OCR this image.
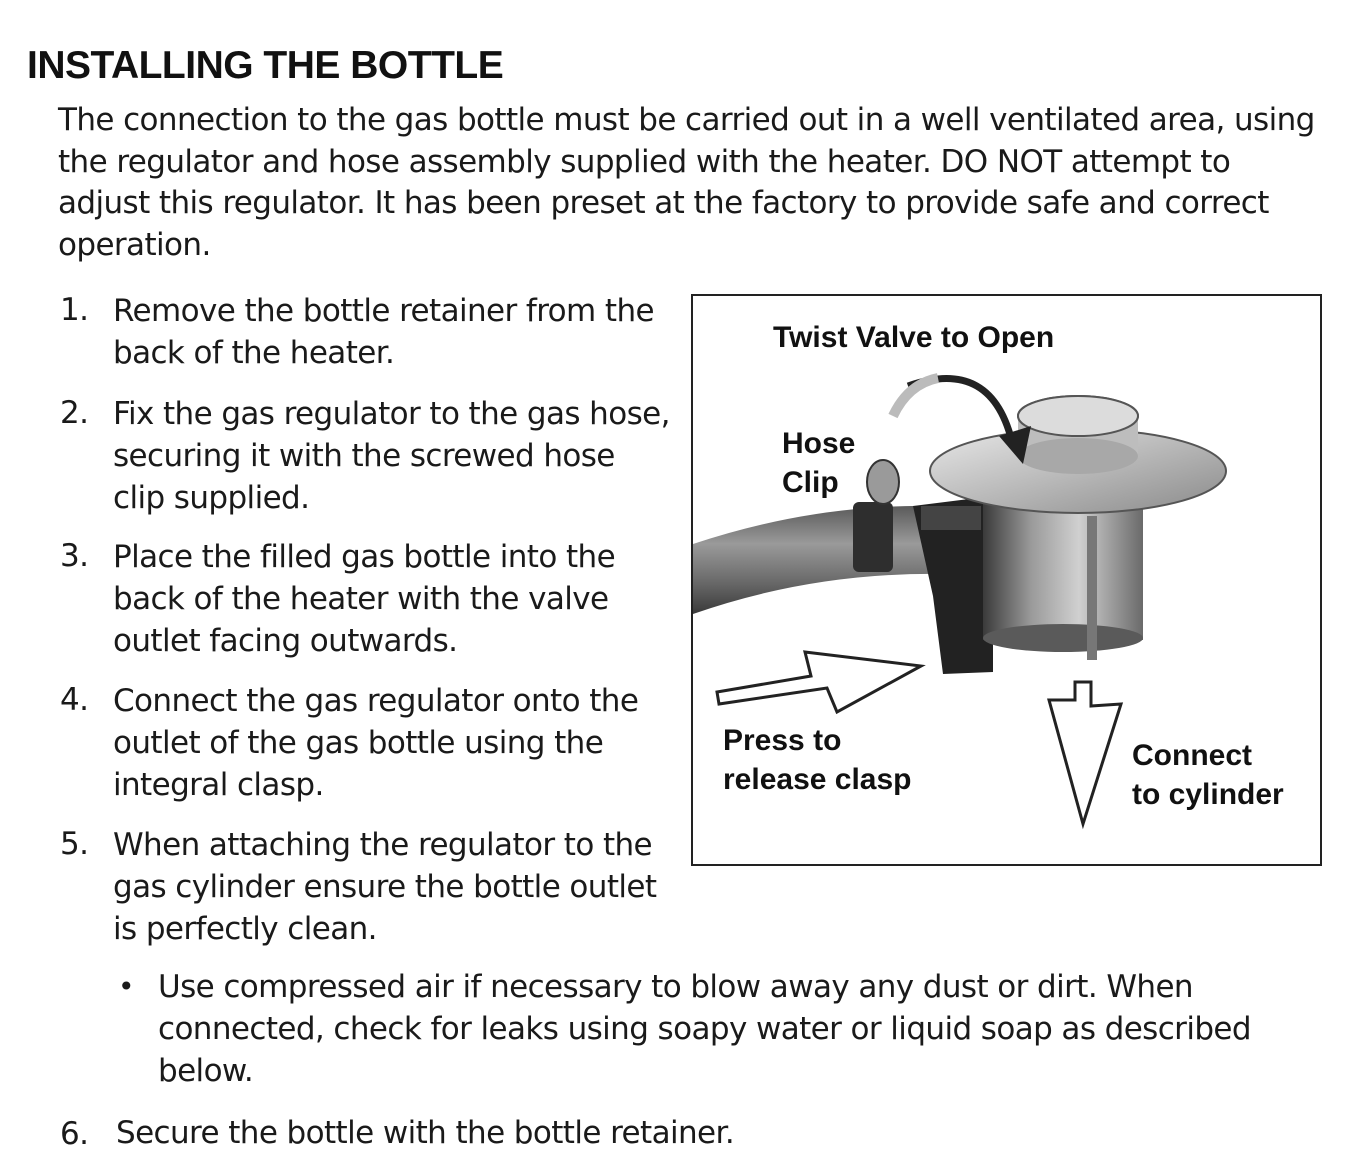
INSTALLING THE BOTTLE
The connection to the gas bottle must be carried out in a well ventilated area, using the regulator and hose assembly supplied with the heater. DO NOT attempt to adjust this regulator. It has been preset at the factory to provide safe and correct operation.
1. Remove the bottle retainer from the back of the heater.
2. Fix the gas regulator to the gas hose, securing it with the screwed hose clip supplied.
3. Place the filled gas bottle into the back of the heater with the valve outlet facing outwards.
4. Connect the gas regulator onto the outlet of the gas bottle using the integral clasp.
5. When attaching the regulator to the gas cylinder ensure the bottle outlet is perfectly clean.
• Use compressed air if necessary to blow away any dust or dirt. When connected, check for leaks using soapy water or liquid soap as described below.
6. Secure the bottle with the bottle retainer.
Twist Valve to Open
Hose
Clip
Press to
release clasp
Connect
to cylinder
